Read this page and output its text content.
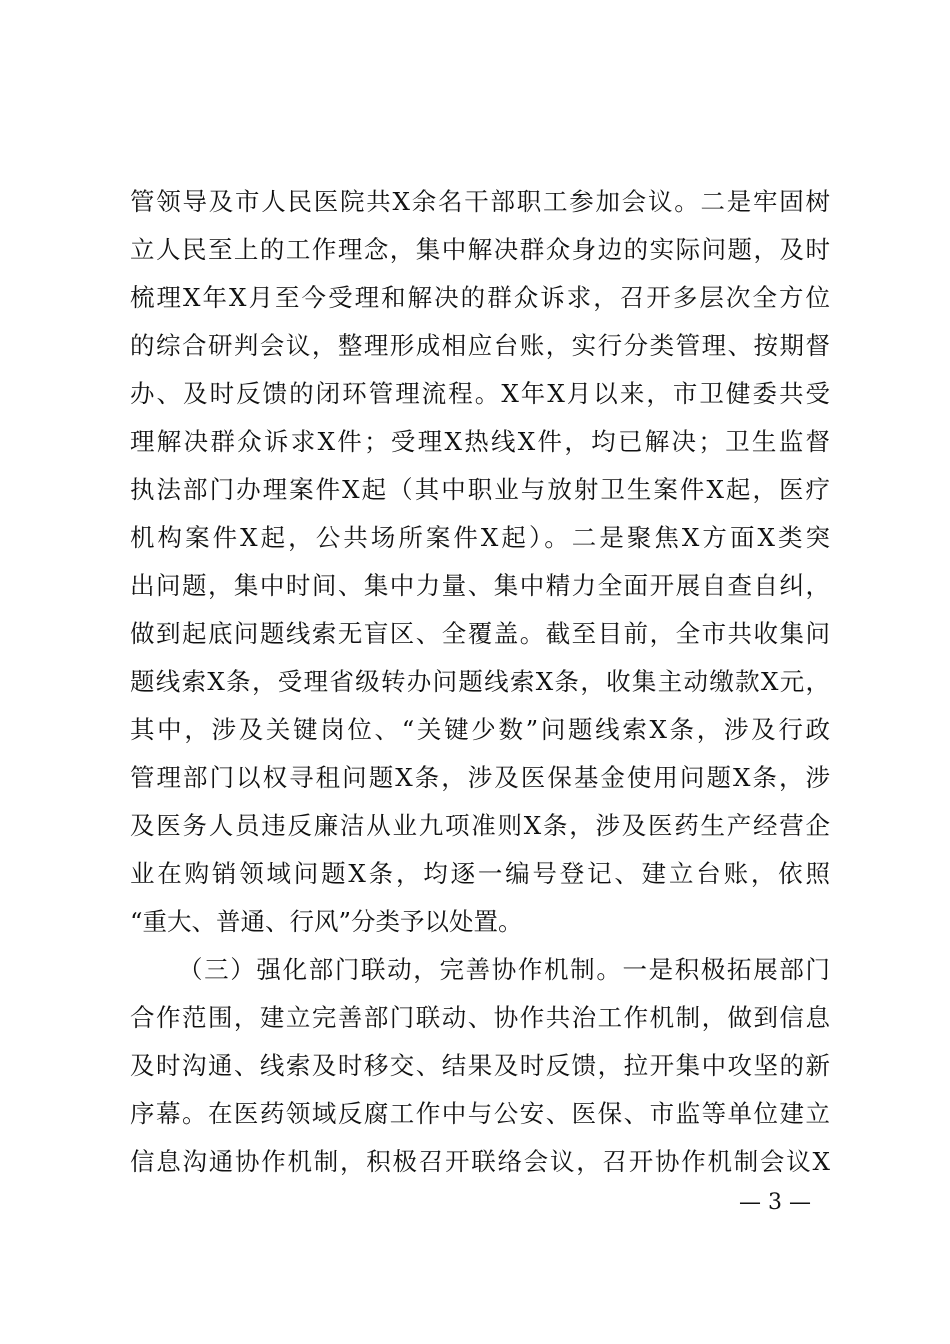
管领导及市人民医院共X余名干部职工参加会议。二是牢固树
立人民至上的工作理念，集中解决群众身边的实际问题，及时
梳理X年X月至今受理和解决的群众诉求，召开多层次全方位
的综合研判会议，整理形成相应台账，实行分类管理、按期督
办、及时反馈的闭环管理流程。X年X月以来，市卫健委共受
理解决群众诉求X件；受理X热线X件，均已解决；卫生监督
执法部门办理案件X起（其中职业与放射卫生案件X起，医疗
机构案件X起，公共场所案件X起）。二是聚焦X方面X类突
出问题，集中时间、集中力量、集中精力全面开展自查自纠，
做到起底问题线索无盲区、全覆盖。截至目前，全市共收集问
题线索X条，受理省级转办问题线索X条，收集主动缴款X元，
其中，涉及关键岗位、“关键少数”问题线索X条，涉及行政
管理部门以权寻租问题X条，涉及医保基金使用问题X条，涉
及医务人员违反廉洁从业九项准则X条，涉及医药生产经营企
业在购销领域问题X条，均逐一编号登记、建立台账，依照
“重大、普通、行风”分类予以处置。
（三）强化部门联动，完善协作机制。一是积极拓展部门
合作范围，建立完善部门联动、协作共治工作机制，做到信息
及时沟通、线索及时移交、结果及时反馈，拉开集中攻坚的新
序幕。在医药领域反腐工作中与公安、医保、市监等单位建立
信息沟通协作机制，积极召开联络会议，召开协作机制会议X
— 3 —
